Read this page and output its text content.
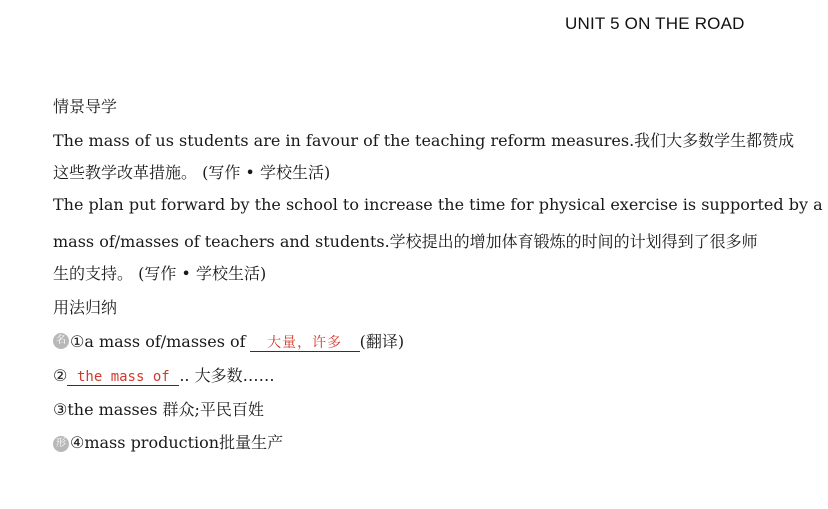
UNIT 5 ON THE ROAD
情景导学
The mass of us students are in favour of the teaching reform measures.我们大多数学生都赞成
这些教学改革措施。 (写作 • 学校生活)
The plan put forward by the school to increase the time for physical exercise is supported by a
mass of/masses of teachers and students.学校提出的增加体育锻炼的时间的计划得到了很多师
生的支持。 (写作 • 学校生活)
用法归纳
名 ①a mass of/masses of 大量，许多 (翻译)
② the mass of .. 大多数……
③the masses 群众;平民百姓
形 ④mass production批量生产
